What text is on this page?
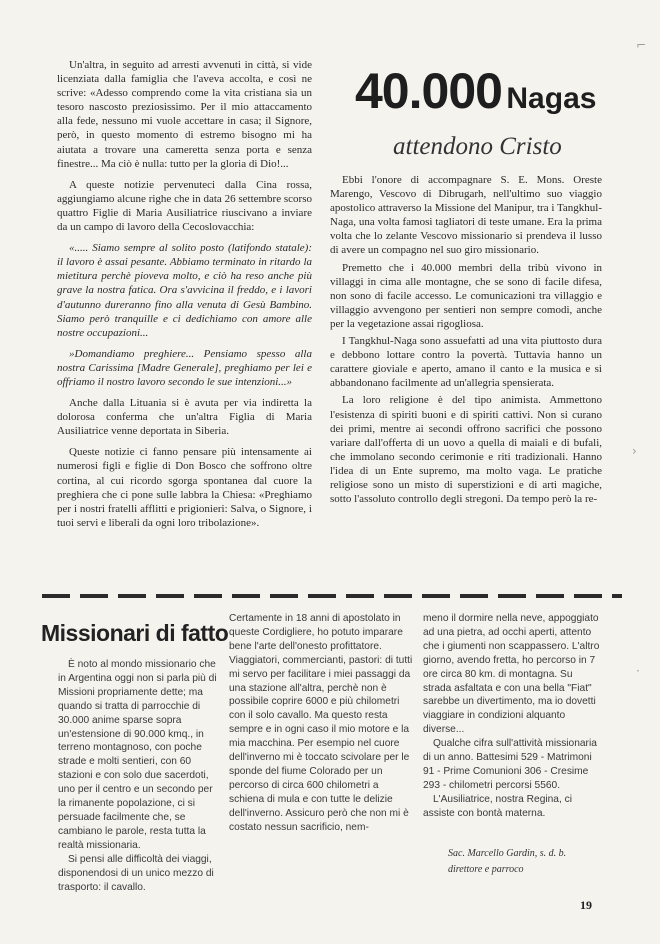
Un'altra, in seguito ad arresti avvenuti in città, si vide licenziata dalla famiglia che l'aveva accolta, e così ne scrive: «Adesso comprendo come la vita cristiana sia un tesoro nascosto preziosissimo. Per il mio attaccamento alla fede, nessuno mi vuole accettare in casa; il Signore, però, in questo momento di estremo bisogno mi ha aiutata a trovare una cameretta senza porta e senza finestre... Ma ciò è nulla: tutto per la gloria di Dio!...

A queste notizie pervenuteci dalla Cina rossa, aggiungiamo alcune righe che in data 26 settembre scorso quattro Figlie di Maria Ausiliatrice riuscivano a inviare da un campo di lavoro della Cecoslovacchia:

«..... Siamo sempre al solito posto (latifondo statale): il lavoro è assai pesante. Abbiamo terminato in ritardo la mietitura perchè pioveva molto, e ciò ha reso anche più grave la nostra fatica. Ora s'avvicina il freddo, e i lavori d'autunno dureranno fino alla venuta di Gesù Bambino. Siamo però tranquille e ci dedichiamo con amore alle nostre occupazioni...

»Domandiamo preghiere... Pensiamo spesso alla nostra Carissima [Madre Generale], preghiamo per lei e offriamo il nostro lavoro secondo le sue intenzioni...»

Anche dalla Lituania si è avuta per via indiretta la dolorosa conferma che un'altra Figlia di Maria Ausiliatrice venne deportata in Siberia.

Queste notizie ci fanno pensare più intensamente ai numerosi figli e figlie di Don Bosco che soffrono oltre cortina, al cui ricordo sgorga spontanea dal cuore la preghiera che ci pone sulle labbra la Chiesa: «Preghiamo per i nostri fratelli afflitti e prigionieri: Salva, o Signore, i tuoi servi e liberali da ogni loro tribolazione».

40.000 Nagas
attendono Cristo

Ebbi l'onore di accompagnare S. E. Mons. Oreste Marengo, Vescovo di Dibrugarh, nell'ultimo suo viaggio apostolico attraverso la Missione del Manipur, tra i Tangkhul-Naga, una volta famosi tagliatori di teste umane. Era la prima volta che lo zelante Vescovo missionario si prendeva il lusso di avere un compagno nel suo giro missionario.

Premetto che i 40.000 membri della tribù vivono in villaggi in cima alle montagne, che se sono di facile difesa, non sono di facile accesso. Le comunicazioni tra villaggio e villaggio avvengono per sentieri non sempre comodi, anche per la vegetazione assai rigogliosa.

I Tangkhul-Naga sono assuefatti ad una vita piuttosto dura e debbono lottare contro la povertà. Tuttavia hanno un carattere gioviale e aperto, amano il canto e la musica e si abbandonano facilmente ad un'allegria spensierata.

La loro religione è del tipo animista. Ammettono l'esistenza di spiriti buoni e di spiriti cattivi. Non si curano dei primi, mentre ai secondi offrono sacrifici che possono variare dall'offerta di un uovo a quella di maiali e di bufali, che immolano secondo cerimonie e riti tradizionali. Hanno l'idea di un Ente supremo, ma molto vaga. Le pratiche religiose sono un misto di superstizioni e di arti magiche, sotto l'assoluto controllo degli stregoni. Da tempo però la re-

Missionari di fatto

È noto al mondo missionario che in Argentina oggi non si parla più di Missioni propriamente dette; ma quando si tratta di parrocchie di 30.000 anime sparse sopra un'estensione di 90.000 kmq., in terreno montagnoso, con poche strade e molti sentieri, con 60 stazioni e con solo due sacerdoti, uno per il centro e un secondo per la rimanente popolazione, ci si persuade facilmente che, se cambiano le parole, resta tutta la realtà missionaria.

Si pensi alle difficoltà dei viaggi, disponendosi di un unico mezzo di trasporto: il cavallo.

Certamente in 18 anni di apostolato in queste Cordigliere, ho potuto imparare bene l'arte dell'onesto profittatore. Viaggiatori, commercianti, pastori: di tutti mi servo per facilitare i miei passaggi da una stazione all'altra, perchè non è possibile coprire 6000 e più chilometri con il solo cavallo. Ma questo resta sempre e in ogni caso il mio motore e la mia macchina. Per esempio nel cuore dell'inverno mi è toccato scivolare per le sponde del fiume Colorado per un percorso di circa 600 chilometri a schiena di mula e con tutte le delizie dell'inverno. Assicuro però che non mi è costato nessun sacrificio, nem-

meno il dormire nella neve, appoggiato ad una pietra, ad occhi aperti, attento che i giumenti non scappassero. L'altro giorno, avendo fretta, ho percorso in 7 ore circa 80 km. di montagna. Su strada asfaltata e con una bella "Fiat" sarebbe un divertimento, ma io dovetti viaggiare in condizioni alquanto diverse...

Qualche cifra sull'attività missionaria di un anno. Battesimi 529 - Matrimoni 91 - Prime Comunioni 306 - Cresime 293 - chilometri percorsi 5560.

L'Ausiliatrice, nostra Regina, ci assiste con bontà materna.

Sac. Marcello Gardin, s. d. b.
direttore e parroco
19
⌐
›
·
